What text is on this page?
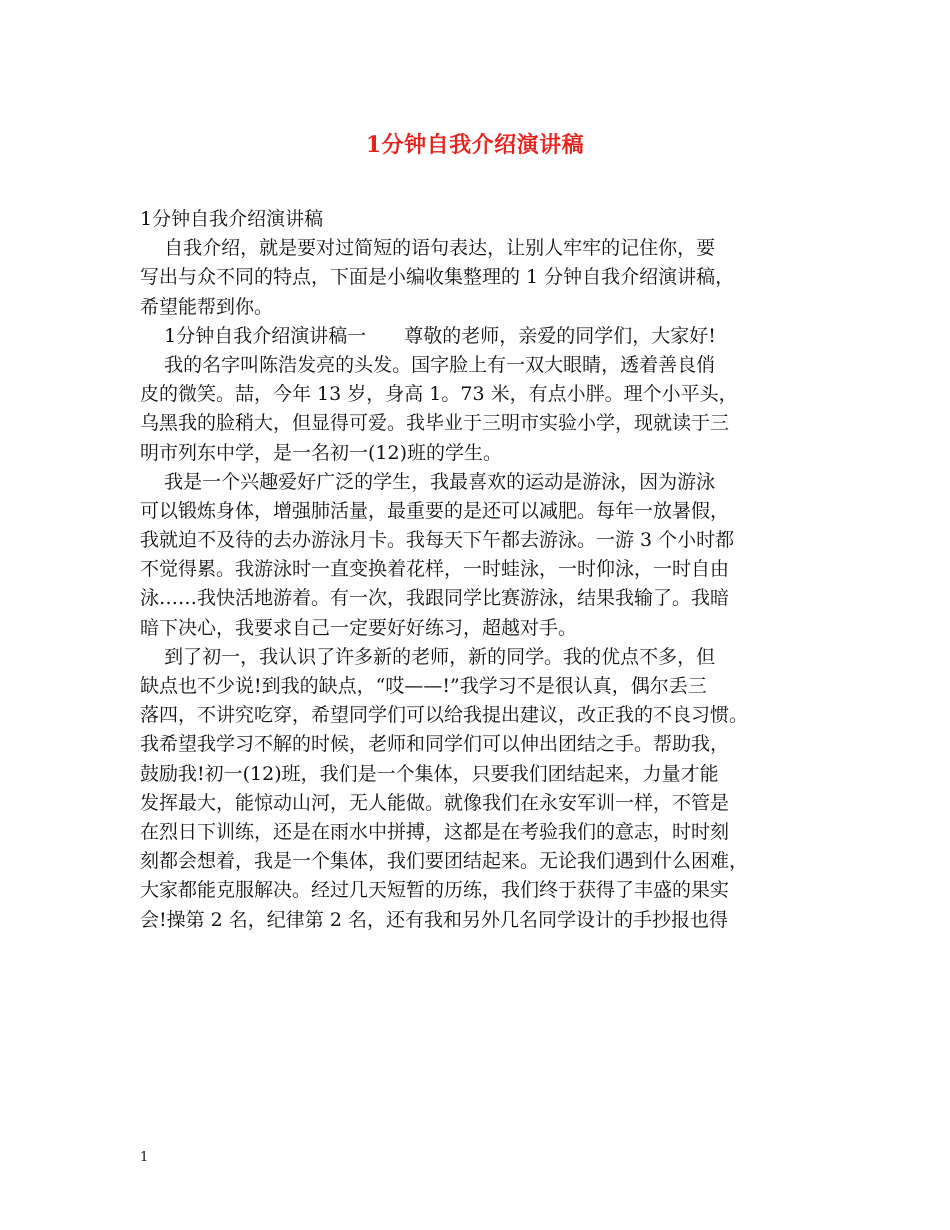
1分钟自我介绍演讲稿
1分钟自我介绍演讲稿
自我介绍，就是要对过简短的语句表达，让别人牢牢的记住你，要
写出与众不同的特点，下面是小编收集整理的 1 分钟自我介绍演讲稿，
希望能帮到你。
1分钟自我介绍演讲稿一　　尊敬的老师，亲爱的同学们，大家好!
我的名字叫陈浩发亮的头发。国字脸上有一双大眼睛，透着善良俏
皮的微笑。喆，今年 13 岁，身高 1。73 米，有点小胖。理个小平头，
乌黑我的脸稍大，但显得可爱。我毕业于三明市实验小学，现就读于三
明市列东中学，是一名初一(12)班的学生。
我是一个兴趣爱好广泛的学生，我最喜欢的运动是游泳，因为游泳
可以锻炼身体，增强肺活量，最重要的是还可以减肥。每年一放暑假，
我就迫不及待的去办游泳月卡。我每天下午都去游泳。一游 3 个小时都
不觉得累。我游泳时一直变换着花样，一时蛙泳，一时仰泳，一时自由
泳……我快活地游着。有一次，我跟同学比赛游泳，结果我输了。我暗
暗下决心，我要求自己一定要好好练习，超越对手。
到了初一，我认识了许多新的老师，新的同学。我的优点不多，但
缺点也不少说!到我的缺点，“哎——!”我学习不是很认真，偶尔丢三
落四，不讲究吃穿，希望同学们可以给我提出建议，改正我的不良习惯。
我希望我学习不解的时候，老师和同学们可以伸出团结之手。帮助我，
鼓励我!初一(12)班，我们是一个集体，只要我们团结起来，力量才能
发挥最大，能惊动山河，无人能做。就像我们在永安军训一样，不管是
在烈日下训练，还是在雨水中拼搏，这都是在考验我们的意志，时时刻
刻都会想着，我是一个集体，我们要团结起来。无论我们遇到什么困难，
大家都能克服解决。经过几天短暂的历练，我们终于获得了丰盛的果实
会!操第 2 名，纪律第 2 名，还有我和另外几名同学设计的手抄报也得
1
